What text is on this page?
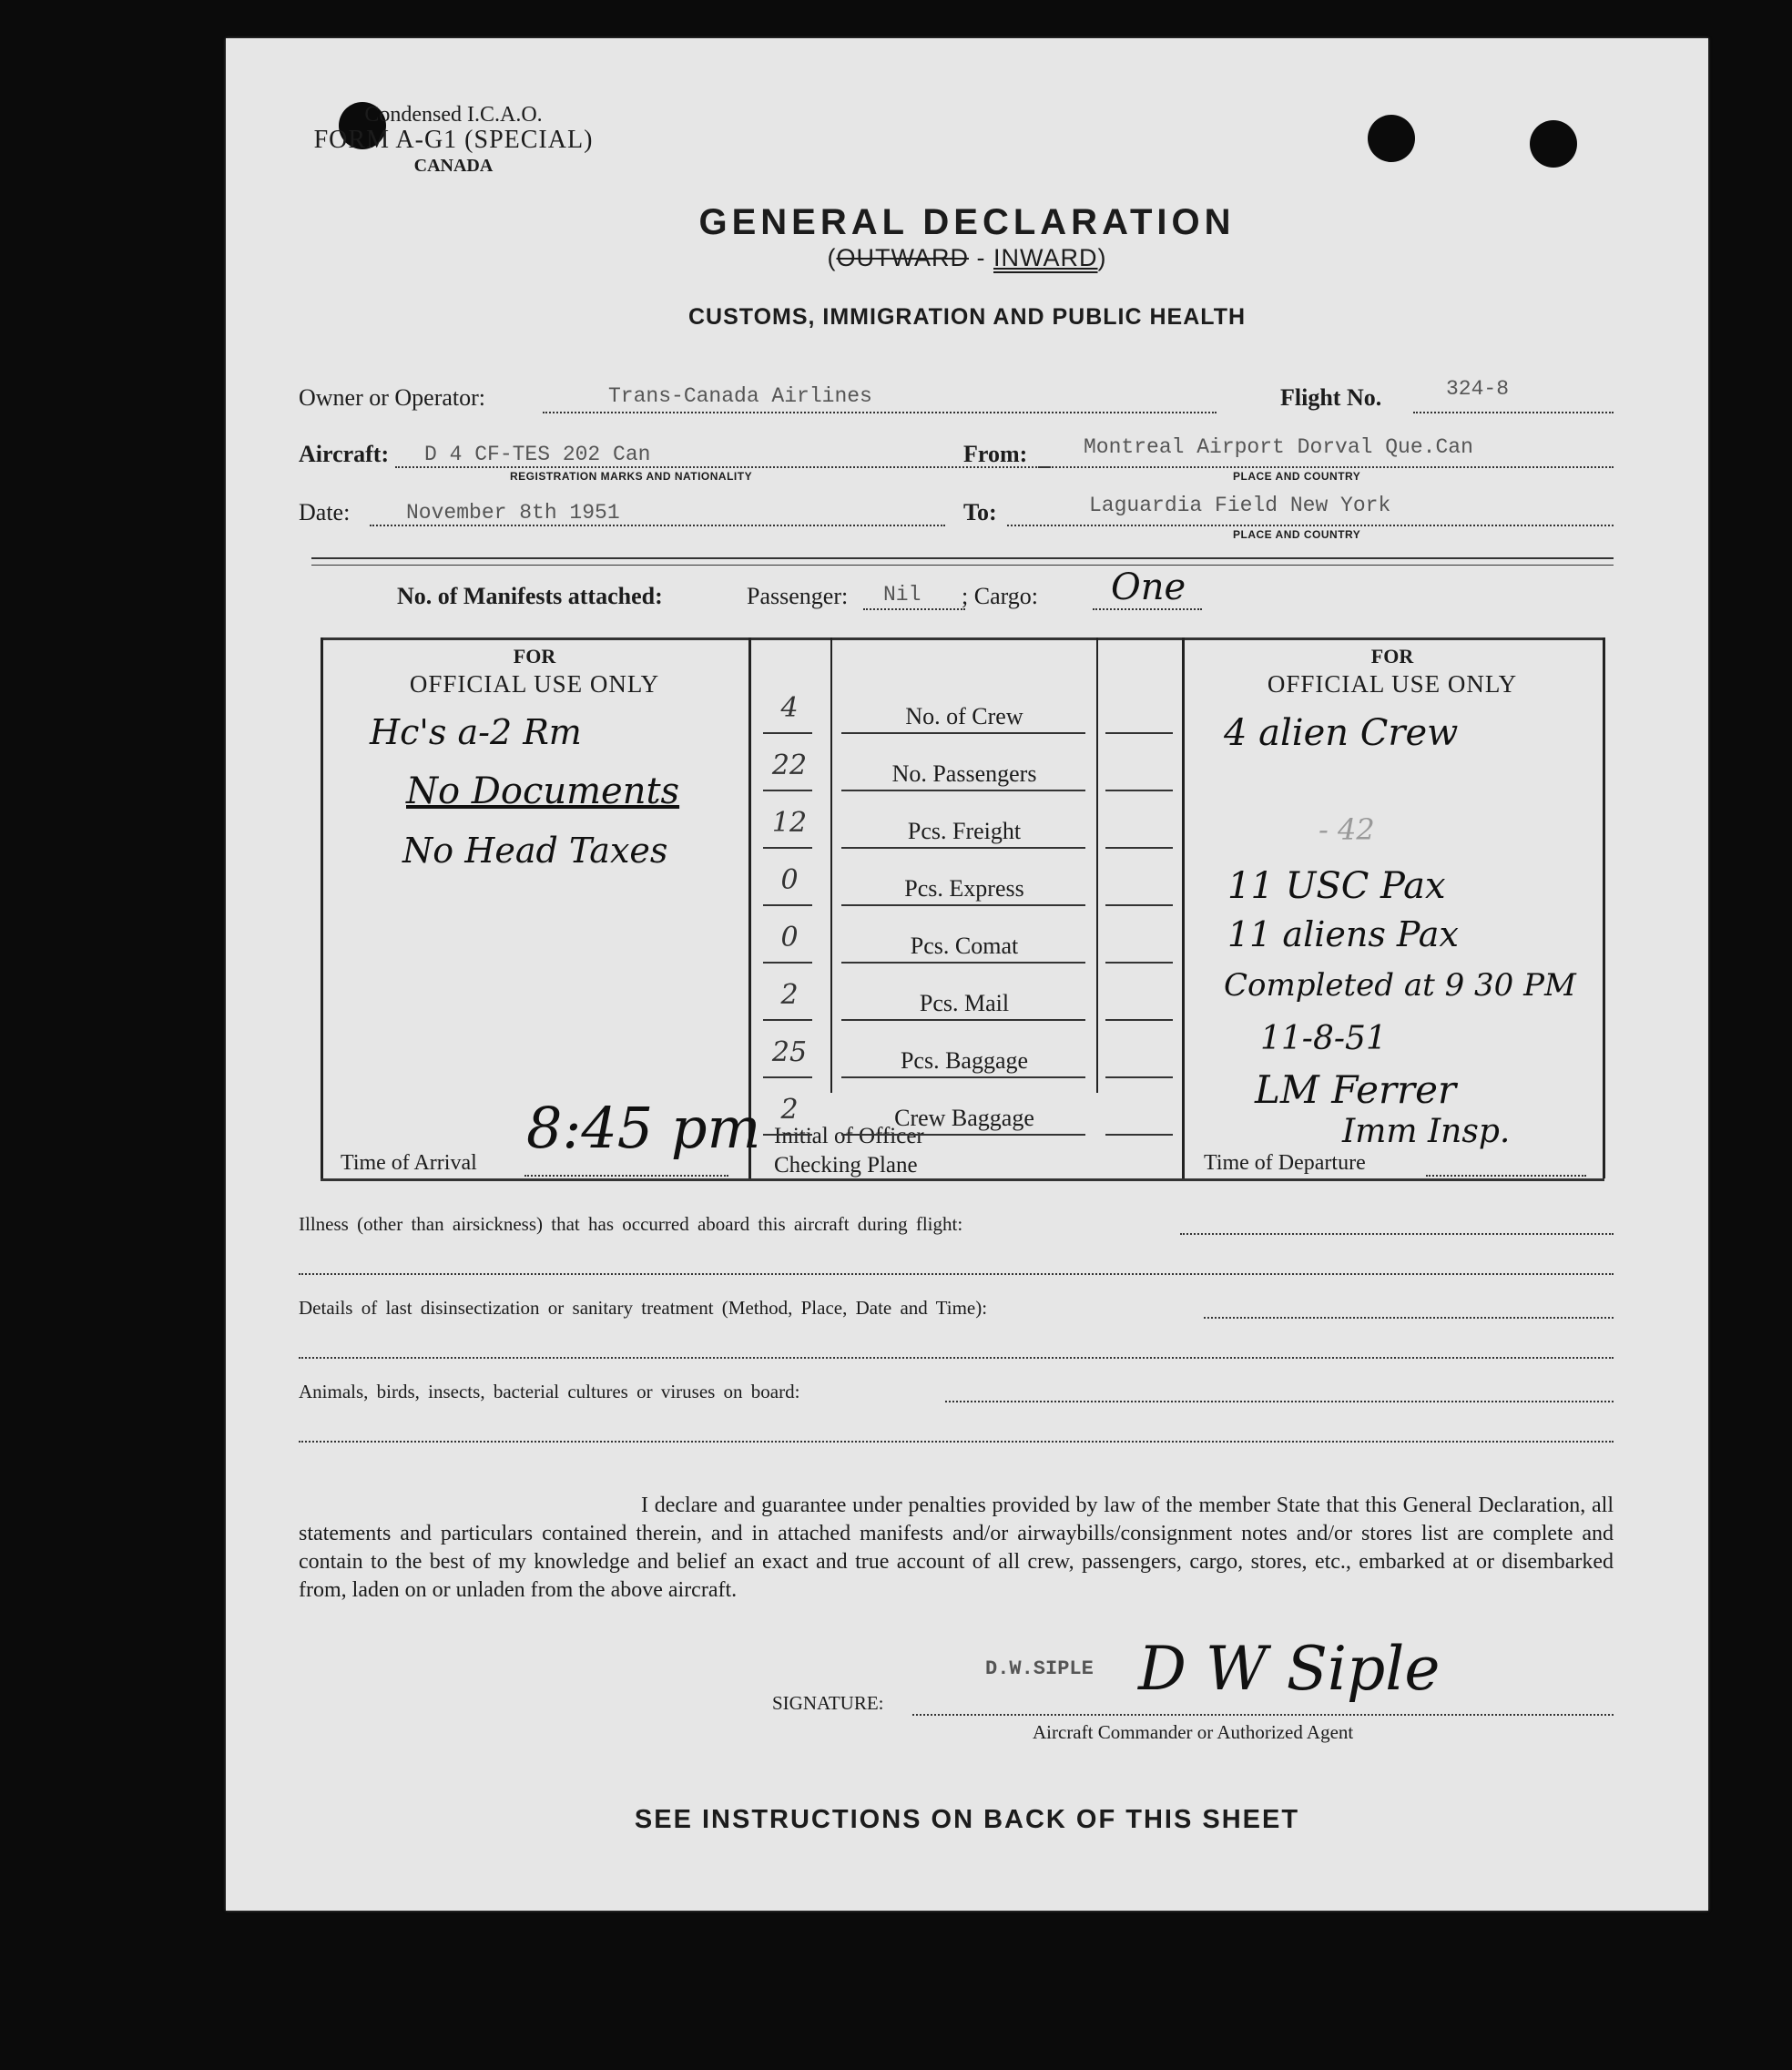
Condensed I.C.A.O.
FORM A-G1 (SPECIAL)
CANADA
GENERAL DECLARATION
(OUTWARD - INWARD)
CUSTOMS, IMMIGRATION AND PUBLIC HEALTH
Owner or Operator:	Trans-Canada Airlines	Flight No.	324-8
Aircraft: D 4 CF-TES 202 Can
REGISTRATION MARKS AND NATIONALITY
From:	Montreal Airport Dorval Que.Can
PLACE AND COUNTRY
Date:	November 8th 1951	To:	Laguardia Field New York
PLACE AND COUNTRY
No. of Manifests attached:	Passenger: Nil ; Cargo: One
FOR
OFFICIAL USE ONLY
Hc's a-2 Rm
No Documents
No Head Taxes
Time of Arrival
8:45 pm Initial of Officer
Checking Plane
FOR
OFFICIAL USE ONLY
4 alien Crew
- 42
11 USC Pax
11 aliens Pax
Completed at 9 30 PM
11-8-51
LM Ferrer
Imm Insp.
Time of Departure
Illness (other than airsickness) that has occurred aboard this aircraft during flight:
Details of last disinsectization or sanitary treatment (Method, Place, Date and Time):
Animals, birds, insects, bacterial cultures or viruses on board:
I declare and guarantee under penalties provided by law of the member State that this General Declaration, all statements and particulars contained therein, and in attached manifests and/or airwaybills/consignment notes and/or stores list are complete and contain to the best of my knowledge and belief an exact and true account of all crew, passengers, cargo, stores, etc., embarked at or disembarked from, laden on or unladen from the above aircraft.
D.W.SIPLE
SIGNATURE:	D W Siple
Aircraft Commander or Authorized Agent
SEE INSTRUCTIONS ON BACK OF THIS SHEET
4	No. of Crew
22	No. Passengers
12	Pcs. Freight
0	Pcs. Express
0	Pcs. Comat
2	Pcs. Mail
25	Pcs. Baggage
2	Crew Baggage
